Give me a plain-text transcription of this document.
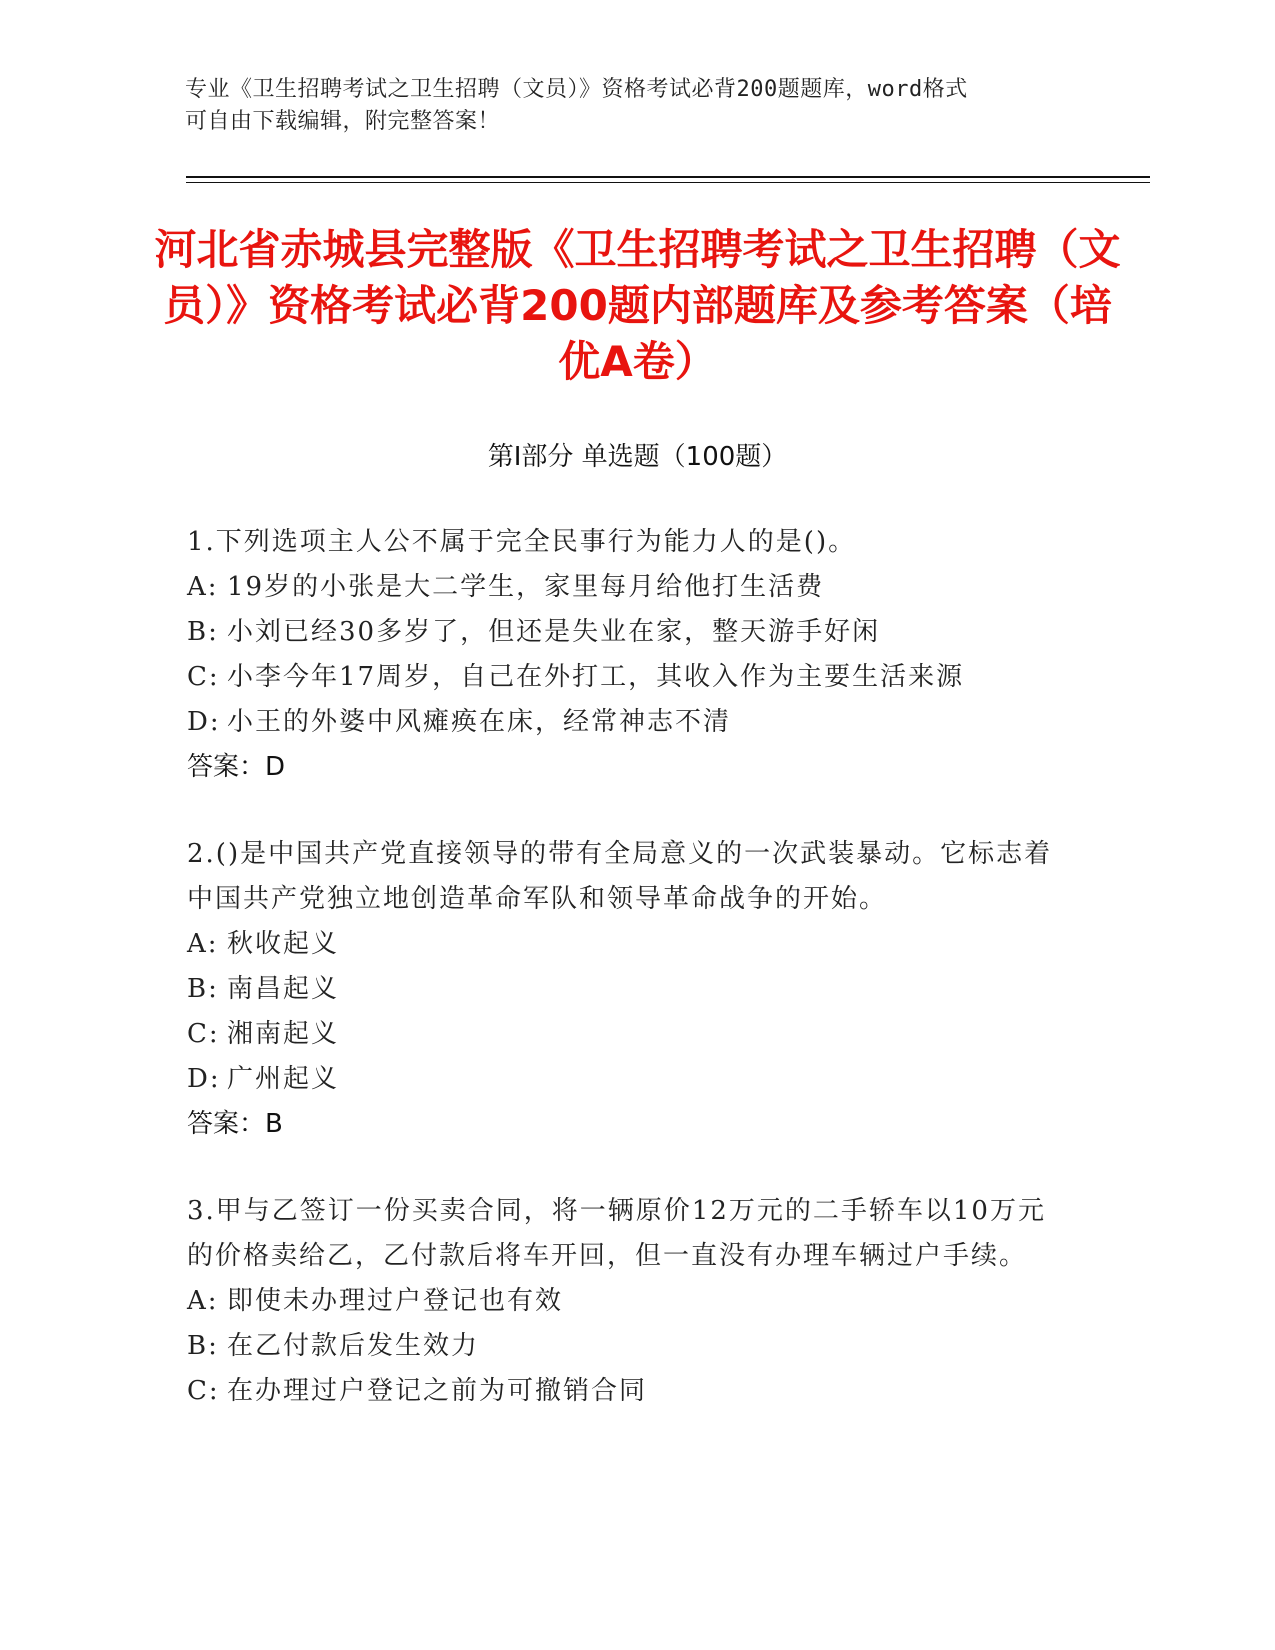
专业《卫生招聘考试之卫生招聘（文员）》资格考试必背200题题库，word格式
可自由下载编辑，附完整答案！
河北省赤城县完整版《卫生招聘考试之卫生招聘（文员）》资格考试必背200题内部题库及参考答案（培优A卷）
第Ⅰ部分 单选题（100题）
1.下列选项主人公不属于完全民事行为能力人的是()。
A: 19岁的小张是大二学生，家里每月给他打生活费
B: 小刘已经30多岁了，但还是失业在家，整天游手好闲
C: 小李今年17周岁，自己在外打工，其收入作为主要生活来源
D: 小王的外婆中风瘫痪在床，经常神志不清
答案：D
2.()是中国共产党直接领导的带有全局意义的一次武装暴动。它标志着中国共产党独立地创造革命军队和领导革命战争的开始。
A: 秋收起义
B: 南昌起义
C: 湘南起义
D: 广州起义
答案：B
3.甲与乙签订一份买卖合同，将一辆原价12万元的二手轿车以10万元的价格卖给乙，乙付款后将车开回，但一直没有办理车辆过户手续。
A: 即使未办理过户登记也有效
B: 在乙付款后发生效力
C: 在办理过户登记之前为可撤销合同
